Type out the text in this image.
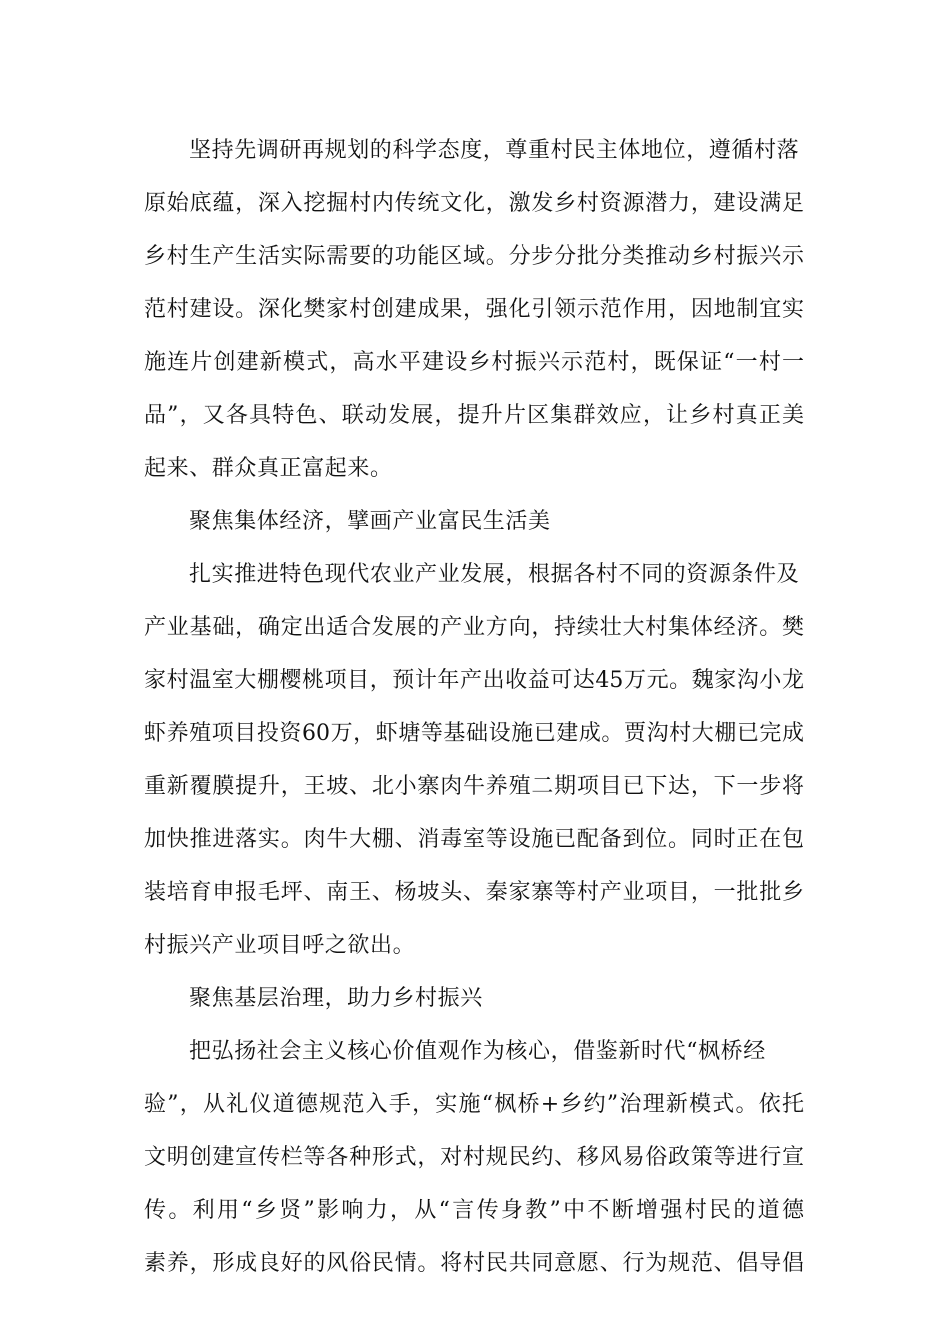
坚持先调研再规划的科学态度，尊重村民主体地位，遵循村落
原始底蕴，深入挖掘村内传统文化，激发乡村资源潜力，建设满足
乡村生产生活实际需要的功能区域。分步分批分类推动乡村振兴示
范村建设。深化樊家村创建成果，强化引领示范作用，因地制宜实
施连片创建新模式，高水平建设乡村振兴示范村，既保证“一村一
品”，又各具特色、联动发展，提升片区集群效应，让乡村真正美
起来、群众真正富起来。
聚焦集体经济，擘画产业富民生活美
扎实推进特色现代农业产业发展，根据各村不同的资源条件及
产业基础，确定出适合发展的产业方向，持续壮大村集体经济。樊
家村温室大棚樱桃项目，预计年产出收益可达45万元。魏家沟小龙
虾养殖项目投资60万，虾塘等基础设施已建成。贾沟村大棚已完成
重新覆膜提升，王坡、北小寨肉牛养殖二期项目已下达，下一步将
加快推进落实。肉牛大棚、消毒室等设施已配备到位。同时正在包
装培育申报毛坪、南王、杨坡头、秦家寨等村产业项目，一批批乡
村振兴产业项目呼之欲出。
聚焦基层治理，助力乡村振兴
把弘扬社会主义核心价值观作为核心，借鉴新时代“枫桥经
验”，从礼仪道德规范入手，实施“枫桥+乡约”治理新模式。依托
文明创建宣传栏等各种形式，对村规民约、移风易俗政策等进行宣
传。利用“乡贤”影响力，从“言传身教”中不断增强村民的道德
素养，形成良好的风俗民情。将村民共同意愿、行为规范、倡导倡
